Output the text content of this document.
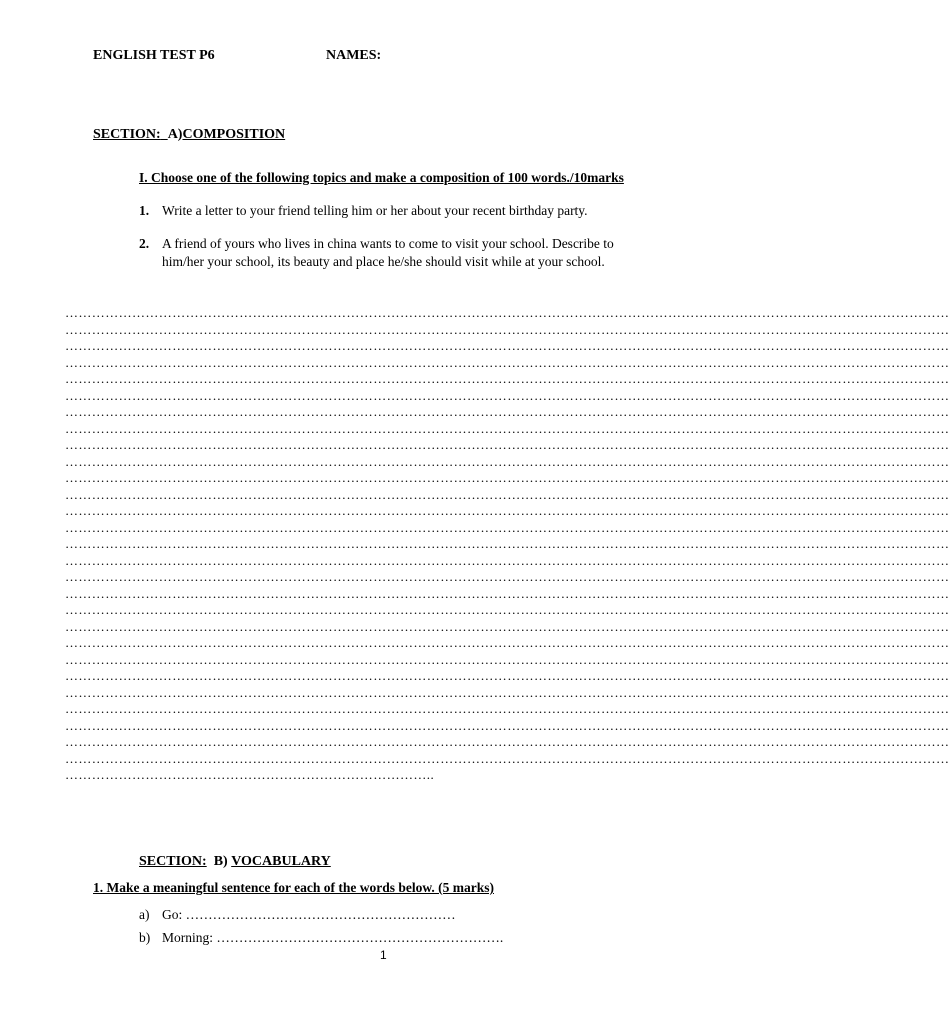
ENGLISH TEST P6	NAMES:
SECTION: A)COMPOSITION
I. Choose one of the following topics and make a composition of 100 words./10marks
1. Write a letter to your friend telling him or her about your recent birthday party.
2. A friend of yours who lives in china wants to come to visit your school. Describe to
him/her your school, its beauty and place he/she should visit while at your school.
………………………………………………………………………………………………………………………………………………………………………………
………………………………………………………………………………………………………………………………………………………………………………
………………………………………………………………………………………………………………………………………………………………………………
………………………………………………………………………………………………………………………………………………………………………………
………………………………………………………………………………………………………………………………………………………………………………
………………………………………………………………………………………………………………………………………………………………………………
………………………………………………………………………………………………………………………………………………………………………………
………………………………………………………………………………………………………………………………………………………………………………
………………………………………………………………………………………………………………………………………………………………………………
………………………………………………………………………………………………………………………………………………………………………………
………………………………………………………………………………………………………………………………………………………………………………
………………………………………………………………………………………………………………………………………………………………………………
………………………………………………………………………………………………………………………………………………………………………………
………………………………………………………………………………………………………………………………………………………………………………
………………………………………………………………………………………………………………………………………………………………………………
………………………………………………………………………………………………………………………………………………………………………………
………………………………………………………………………………………………………………………………………………………………………………
………………………………………………………………………………………………………………………………………………………………………………
………………………………………………………………………………………………………………………………………………………………………………
………………………………………………………………………………………………………………………………………………………………………………
………………………………………………………………………………………………………………………………………………………………………………
………………………………………………………………………………………………………………………………………………………………………………
………………………………………………………………………………………………………………………………………………………………………………
………………………………………………………………………………………………………………………………………………………………………………
………………………………………………………………………………………………………………………………………………………………………………
………………………………………………………………………………………………………………………………………………………………………………
………………………………………………………………………………………………………………………………………………………………………………
………………………………………………………………………………………………………………………………………………………………………………
………………………………………………………………………..
SECTION: B) VOCABULARY
1. Make a meaningful sentence for each of the words below. (5 marks)
a) Go: ……………………………………………………
b) Morning: ……………………………………………………….
1
